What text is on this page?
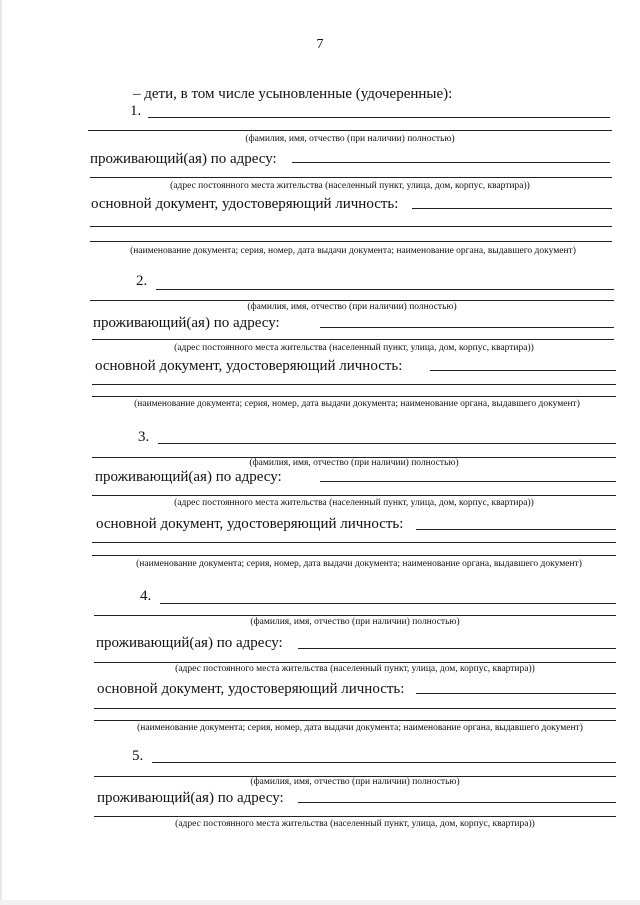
7
– дети, в том числе усыновленные (удочеренные):
1.
(фамилия, имя, отчество (при наличии) полностью)
проживающий(ая) по адресу:
(адрес постоянного места жительства (населенный пункт, улица, дом, корпус, квартира))
основной документ, удостоверяющий личность:
(наименование документа; серия, номер, дата выдачи документа; наименование органа, выдавшего документ)
2.
(фамилия, имя, отчество (при наличии) полностью)
проживающий(ая) по адресу:
(адрес постоянного места жительства (населенный пункт, улица, дом, корпус, квартира))
основной документ, удостоверяющий личность:
(наименование документа; серия, номер, дата выдачи документа; наименование органа, выдавшего документ)
3.
(фамилия, имя, отчество (при наличии) полностью)
проживающий(ая) по адресу:
(адрес постоянного места жительства (населенный пункт, улица, дом, корпус, квартира))
основной документ, удостоверяющий личность:
(наименование документа; серия, номер, дата выдачи документа; наименование органа, выдавшего документ)
4.
(фамилия, имя, отчество (при наличии) полностью)
проживающий(ая) по адресу:
(адрес постоянного места жительства (населенный пункт, улица, дом, корпус, квартира))
основной документ, удостоверяющий личность:
(наименование документа; серия, номер, дата выдачи документа; наименование органа, выдавшего документ)
5.
(фамилия, имя, отчество (при наличии) полностью)
проживающий(ая) по адресу:
(адрес постоянного места жительства (населенный пункт, улица, дом, корпус, квартира))
